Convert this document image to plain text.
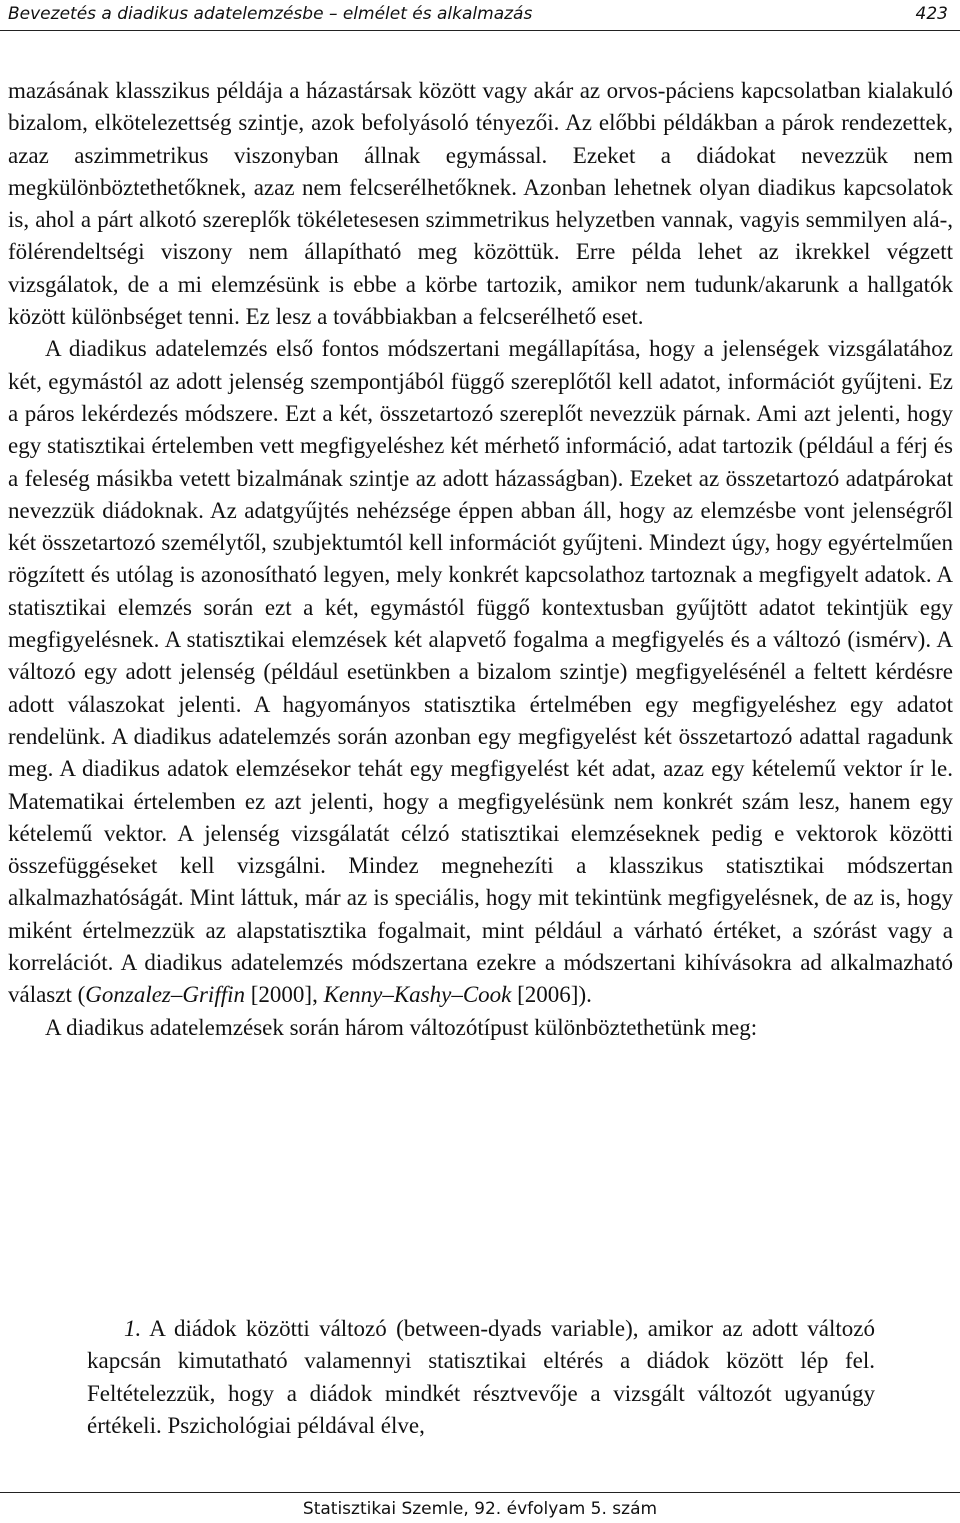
Bevezetés a diadikus adatelemzésbe – elmélet és alkalmazás	423

mazásának klasszikus példája a házastársak között vagy akár az orvos-páciens kapcsolatban kialakuló bizalom, elkötelezettség szintje, azok befolyásoló tényezői. Az előbbi példákban a párok rendezettek, azaz aszimmetrikus viszonyban állnak egymással. Ezeket a diádokat nevezzük nem megkülönböztethetőknek, azaz nem felcserélhetőknek. Azonban lehetnek olyan diadikus kapcsolatok is, ahol a párt alkotó szereplők tökéletesesen szimmetrikus helyzetben vannak, vagyis semmilyen alá-, fölérendeltségi viszony nem állapítható meg közöttük. Erre példa lehet az ikrekkel végzett vizsgálatok, de a mi elemzésünk is ebbe a körbe tartozik, amikor nem tudunk/akarunk a hallgatók között különbséget tenni. Ez lesz a továbbiakban a felcserélhető eset.

A diadikus adatelemzés első fontos módszertani megállapítása, hogy a jelenségek vizsgálatához két, egymástól az adott jelenség szempontjából függő szereplőtől kell adatot, információt gyűjteni. Ez a páros lekérdezés módszere. Ezt a két, összetartozó szereplőt nevezzük párnak. Ami azt jelenti, hogy egy statisztikai értelemben vett megfigyeléshez két mérhető információ, adat tartozik (például a férj és a feleség másikba vetett bizalmának szintje az adott házasságban). Ezeket az összetartozó adatpárokat nevezzük diádoknak. Az adatgyűjtés nehézsége éppen abban áll, hogy az elemzésbe vont jelenségről két összetartozó személytől, szubjektumtól kell információt gyűjteni. Mindezt úgy, hogy egyértelműen rögzített és utólag is azonosítható legyen, mely konkrét kapcsolathoz tartoznak a megfigyelt adatok. A statisztikai elemzés során ezt a két, egymástól függő kontextusban gyűjtött adatot tekintjük egy megfigyelésnek. A statisztikai elemzések két alapvető fogalma a megfigyelés és a változó (ismérv). A változó egy adott jelenség (például esetünkben a bizalom szintje) megfigyelésénél a feltett kérdésre adott válaszokat jelenti. A hagyományos statisztika értelmében egy megfigyeléshez egy adatot rendelünk. A diadikus adatelemzés során azonban egy megfigyelést két összetartozó adattal ragadunk meg. A diadikus adatok elemzésekor tehát egy megfigyelést két adat, azaz egy kételemű vektor ír le. Matematikai értelemben ez azt jelenti, hogy a megfigyelésünk nem konkrét szám lesz, hanem egy kételemű vektor. A jelenség vizsgálatát célzó statisztikai elemzéseknek pedig e vektorok közötti összefüggéseket kell vizsgálni. Mindez megnehezíti a klasszikus statisztikai módszertan alkalmazhatóságát. Mint láttuk, már az is speciális, hogy mit tekintünk megfigyelésnek, de az is, hogy miként értelmezzük az alapstatisztika fogalmait, mint például a várható értéket, a szórást vagy a korrelációt. A diadikus adatelemzés módszertana ezekre a módszertani kihívásokra ad alkalmazható választ (Gonzalez–Griffin [2000], Kenny–Kashy–Cook [2006]).

A diadikus adatelemzések során három változótípust különböztethetünk meg:

1. A diádok közötti változó (between-dyads variable), amikor az adott változó kapcsán kimutatható valamennyi statisztikai eltérés a diádok között lép fel. Feltételezzük, hogy a diádok mindkét résztvevője a vizsgált változót ugyanúgy értékeli. Pszichológiai példával élve,

Statisztikai Szemle, 92. évfolyam 5. szám
